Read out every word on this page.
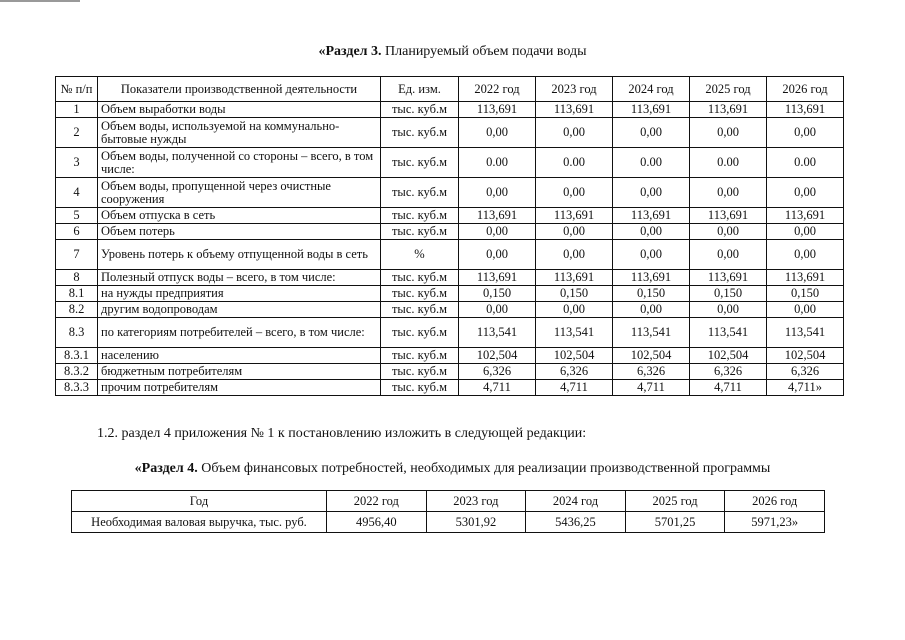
«Раздел 3. Планируемый объем подачи воды
№ п/п	Показатели производственной деятельности	Ед. изм.	2022 год	2023 год	2024 год	2025 год	2026 год
1	Объем выработки воды	тыс. куб.м	113,691	113,691	113,691	113,691	113,691
2	Объем воды, используемой на коммунально-бытовые нужды	тыс. куб.м	0,00	0,00	0,00	0,00	0,00
3	Объем воды, полученной со стороны – всего, в том числе:	тыс. куб.м	0.00	0.00	0.00	0.00	0.00
4	Объем воды, пропущенной через очистные сооружения	тыс. куб.м	0,00	0,00	0,00	0,00	0,00
5	Объем отпуска в сеть	тыс. куб.м	113,691	113,691	113,691	113,691	113,691
6	Объем потерь	тыс. куб.м	0,00	0,00	0,00	0,00	0,00
7	Уровень потерь к объему отпущенной воды в сеть	%	0,00	0,00	0,00	0,00	0,00
8	Полезный отпуск воды – всего, в том числе:	тыс. куб.м	113,691	113,691	113,691	113,691	113,691
8.1	на нужды предприятия	тыс. куб.м	0,150	0,150	0,150	0,150	0,150
8.2	другим водопроводам	тыс. куб.м	0,00	0,00	0,00	0,00	0,00
8.3	по категориям потребителей – всего, в том числе:	тыс. куб.м	113,541	113,541	113,541	113,541	113,541
8.3.1	населению	тыс. куб.м	102,504	102,504	102,504	102,504	102,504
8.3.2	бюджетным потребителям	тыс. куб.м	6,326	6,326	6,326	6,326	6,326
8.3.3	прочим потребителям	тыс. куб.м	4,711	4,711	4,711	4,711	4,711»
1.2. раздел 4 приложения № 1 к постановлению изложить в следующей редакции:
«Раздел 4. Объем финансовых потребностей, необходимых для реализации производственной программы
Год	2022 год	2023 год	2024 год	2025 год	2026 год
Необходимая валовая выручка, тыс. руб.	4956,40	5301,92	5436,25	5701,25	5971,23»
